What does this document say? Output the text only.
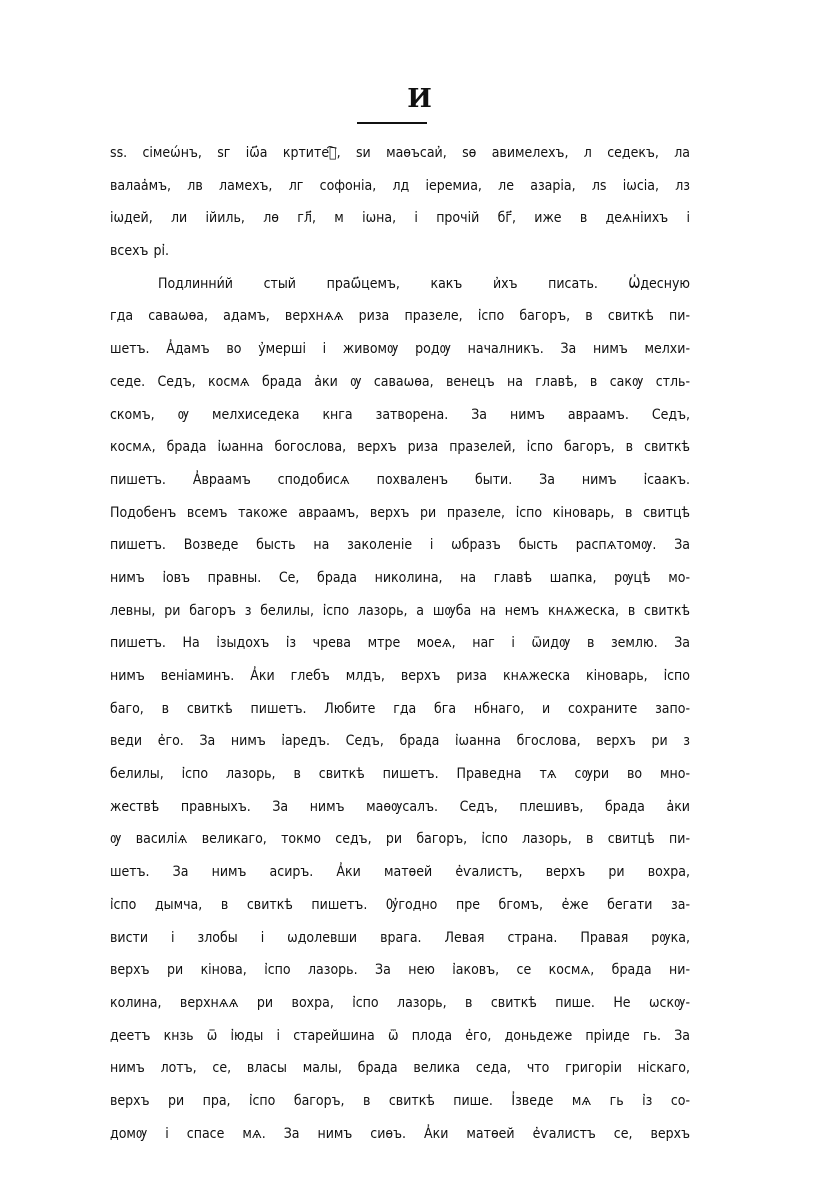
И
ѕѕ. сімеѡ́нъ, ѕг іѡ҃а кртитеⷧ҇, ѕи маѳъсаи҆, ѕѳ авимелехъ, л седекъ, лa
валаа҆мъ, лв ламехъ, лг софоніа, лд іеремиа, ле азаріа, лѕ іѡсіа, лз
іѡдей, ли ійиль, лѳ гл҃, м іѡна, і прочій бг҃, иже в деѧніихъ і
всехъ рі҆.
Подлинни́й стый праѡ҃цемъ, какъ и҆хъ писать. Ѡ҆десную
гда саваѡѳа, адамъ, верхнѧѧ риза празеле, і҆спо багоръ, в свиткѣ пи-
шетъ. А҆дамъ во у҆мерші і живомѹ родѹ началникъ. За нимъ мелхи-
седе. Седъ, космѧ брада а҆ки ѹ саваѡѳа, венецъ на главѣ, в сакѹ стль-
скомъ, ѹ мелхиседека кнга затворена. За нимъ авраамъ. Седъ,
космѧ, брада і҆ѡанна богослова, верхъ риза празелей, і҆спо багоръ, в свиткѣ
пишетъ. А҆враамъ сподобисѧ похваленъ быти. За нимъ і҆саакъ.
Подобенъ всемъ такоже авраамъ, верхъ ри празеле, і҆спо кіноварь, в свитцѣ
пишетъ. Возведе бысть на заколеніе і ѡбразъ бысть распѧтомѹ. За
нимъ і҆овъ правны. Се, брада николина, на главѣ шапка, рѹцѣ мо-
левны, ри багоръ з белилы, і҆спо лазорь, а шѹба на немъ кнѧжеска, в свиткѣ
пишетъ. На і҆зыдохъ і҆з чрева мтре моеѧ, наг і ѿидѹ в землю. За
нимъ веніаминъ. А҆ки глебъ млдъ, верхъ риза кнѧжеска кіноварь, і҆спо
баго, в свиткѣ пишетъ. Любите гда бга нбнаго, и сохраните запо-
веди е҆го. За нимъ і҆аредъ. Седъ, брада і҆ѡанна бгослова, верхъ ри з
белилы, і҆спо лазорь, в свиткѣ пишетъ. Праведна тѧ сѹри во мно-
жествѣ правныхъ. За нимъ маѳѹсалъ. Седъ, плешивъ, брада а҆ки
ѹ василіѧ великаго, токмо седъ, ри багоръ, і҆спо лазорь, в свитцѣ пи-
шетъ. За нимъ асиръ. А҆ки матѳей е҆ѵалистъ, верхъ ри вохра,
і҆спо дымча, в свиткѣ пишетъ. Ѹ҆годно пре бгомъ, е҆же бегати за-
висти і злобы і ѡдолевши врага. Левая страна. Правая рѹка,
верхъ ри кінова, і҆спо лазорь. За нею і҆аковъ, се космѧ, брада ни-
колина, верхнѧѧ ри вохра, і҆спо лазорь, в свиткѣ пише. Не ѡскѹ-
деетъ кнзь ѿ і҆юды і старейшина ѿ плода е҆го, доньдеже пріиде гь. За
нимъ лотъ, се, власы малы, брада велика седа, что григоріи ніскаго,
верхъ ри пра, і҆спо багоръ, в свиткѣ пише. І҆зведе мѧ гь і҆з со-
домѹ і спасе мѧ. За нимъ сиѳъ. А҆ки матѳей е҆ѵалистъ се, верхъ
